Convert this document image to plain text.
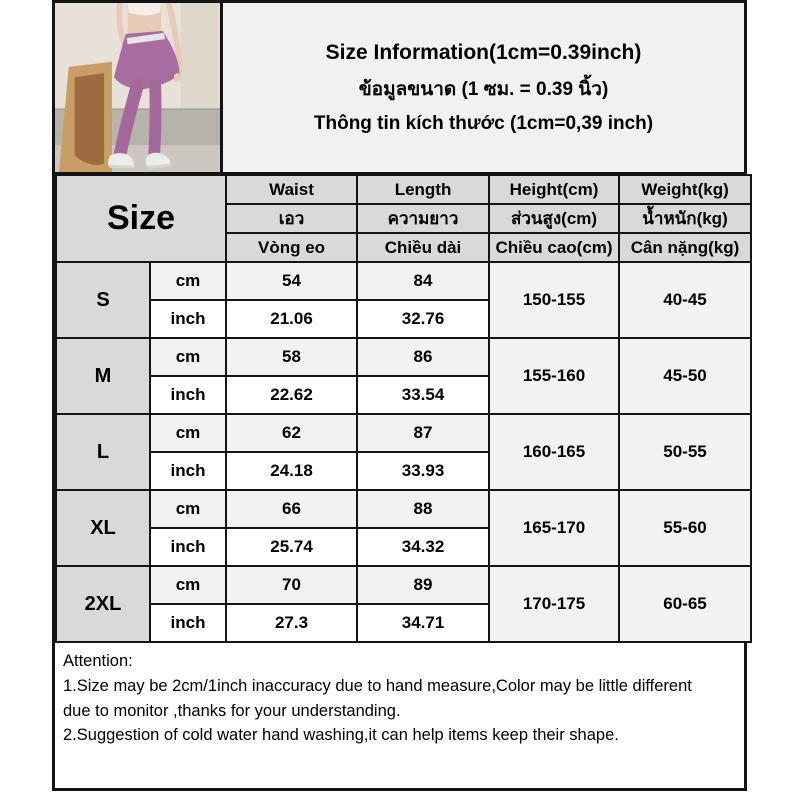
Size Information(1cm=0.39inch)
ข้อมูลขนาด (1 ซม. = 0.39 นิ้ว)
Thông tin kích thước (1cm=0,39 inch)
Size		Waist	Length	Height(cm)	Weight(kg)
		เอว	ความยาว	ส่วนสูง(cm)	น้ำหนัก(kg)
		Vòng eo	Chiều dài	Chiều cao(cm)	Cân nặng(kg)
S	cm	54	84	150-155	40-45
	inch	21.06	32.76		
M	cm	58	86	155-160	45-50
	inch	22.62	33.54		
L	cm	62	87	160-165	50-55
	inch	24.18	33.93		
XL	cm	66	88	165-170	55-60
	inch	25.74	34.32		
2XL	cm	70	89	170-175	60-65
	inch	27.3	34.71		
Attention:
1.Size may be 2cm/1inch inaccuracy due to hand measure,Color may be little different
due to monitor ,thanks for your understanding.
2.Suggestion of cold water hand washing,it can help items keep their shape.
